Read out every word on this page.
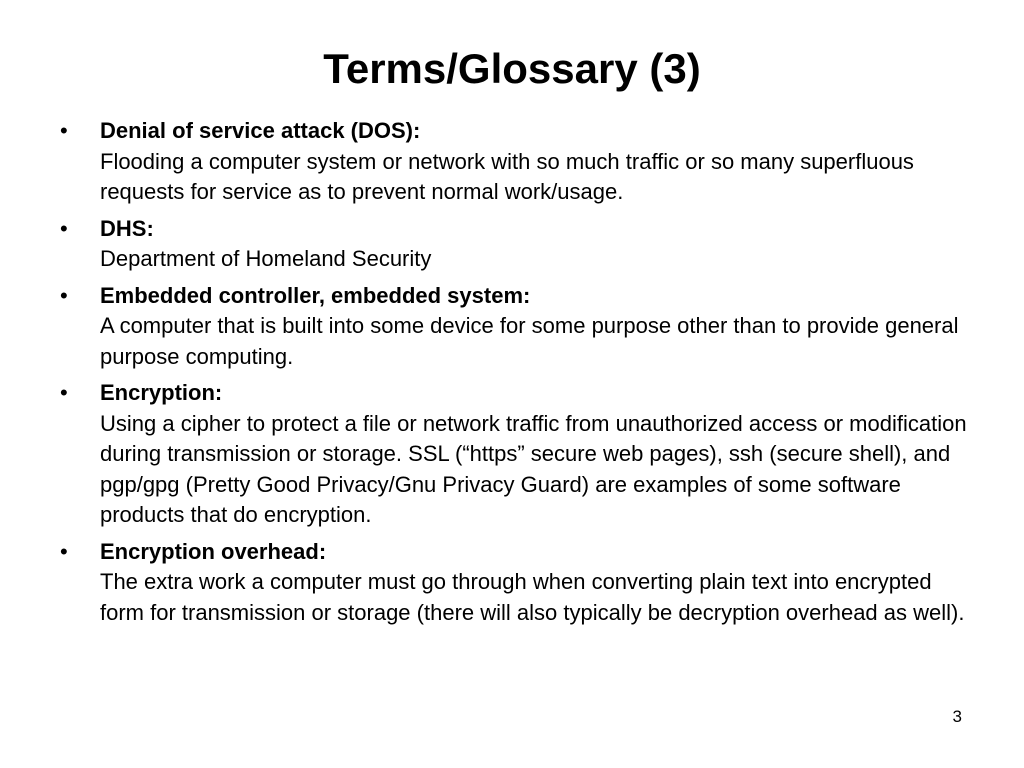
Terms/Glossary (3)
•	Denial of service attack (DOS):
Flooding a computer system or network with so much traffic or so many superfluous requests for service as to prevent normal work/usage.
•	DHS:
Department of Homeland Security
•	Embedded controller, embedded system:
A computer that is built into some device for some purpose other than to provide general purpose computing.
•	Encryption:
Using a cipher to protect a file or network traffic from unauthorized access or modification during transmission or storage. SSL (“https” secure web pages), ssh (secure shell), and pgp/gpg (Pretty Good Privacy/Gnu Privacy Guard) are examples of some software products that do encryption.
•	Encryption overhead:
The extra work a computer must go through when converting plain text into encrypted form for transmission or storage (there will also typically be decryption overhead as well).
3
